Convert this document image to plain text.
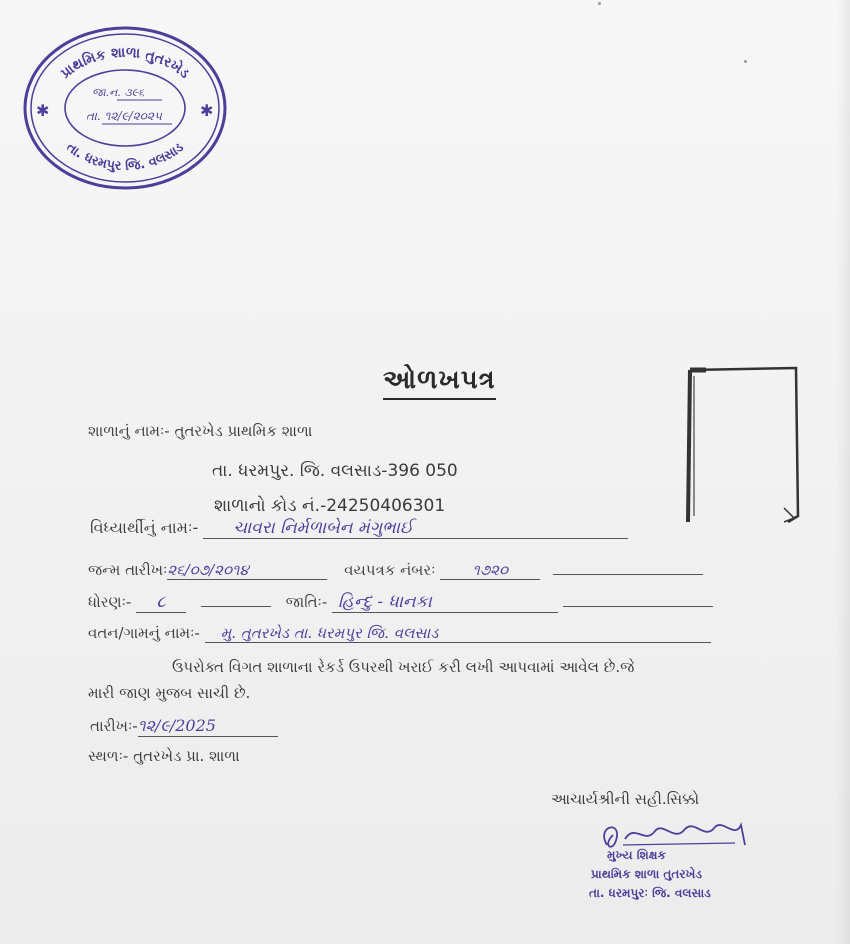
પ્રાથમિક શાળા તુતરખેડ
તા. ધરમપુર જિ. વલસાડ
✱	✱
જા.ન. ૩૯૬
તા. ૧૨/૯/૨૦૨૫
ઓળખપત્ર
શાળાનું નામઃ- તુતરખેડ પ્રાથમિક શાળા
તા. ધરમપુર. જિ. વલસાડ-396 050
શાળાનો કોડ નં.-24250406301
વિધ્યાર્થીનું નામઃ- ચાવરા નિર્મળાબેન મંગુભાઈ
જન્મ તારીખઃ૨૬/૦૭/૨૦૧૪	વયપત્રક નંબરઃ ૧૭૨૦
ધોરણઃ- ૮	જાતિઃ- હિન્દુ - ધાનકા
વતન/ગામનું નામઃ- મુ. તુતરખેડ તા. ધરમપુર જિ. વલસાડ
ઉપરોક્ત વિગત શાળાના રેકર્ડ ઉપરથી ખરાઈ કરી લખી આપવામાં આવેલ છે.જે
મારી જાણ મુજબ સાચી છે.
તારીખઃ-૧૨/૯/2025
સ્થળઃ- તુતરખેડ પ્રા. શાળા
આચાર્યશ્રીની સહી.સિક્કો
મુખ્ય શિક્ષક
પ્રાથમિક શાળા તુતરખેડ
તા. ધરમપુરઃ જિ. વલસાડ
